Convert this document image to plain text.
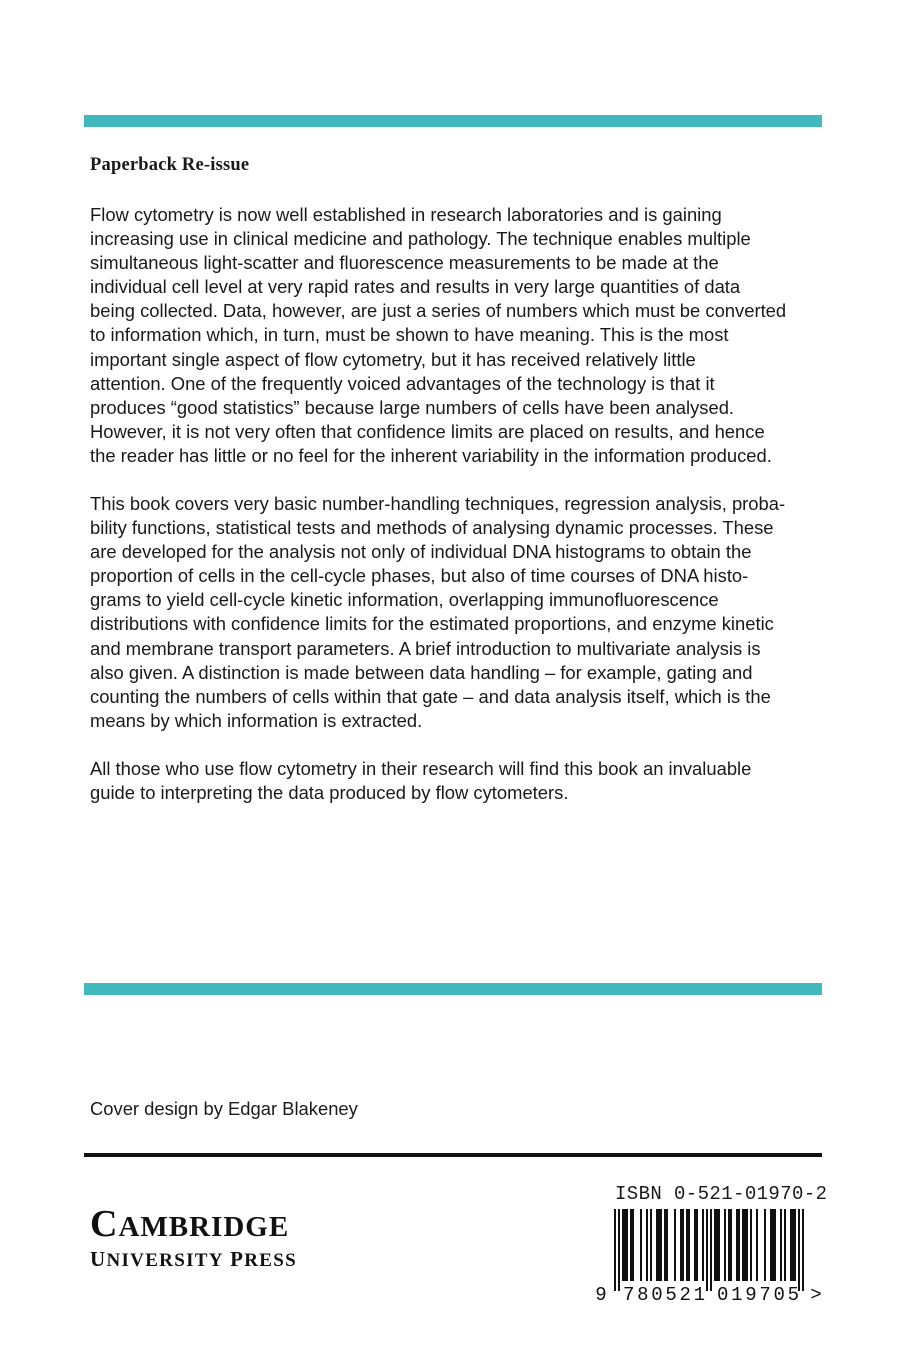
Paperback Re-issue

Flow cytometry is now well established in research laboratories and is gaining
increasing use in clinical medicine and pathology. The technique enables multiple
simultaneous light-scatter and fluorescence measurements to be made at the
individual cell level at very rapid rates and results in very large quantities of data
being collected. Data, however, are just a series of numbers which must be converted
to information which, in turn, must be shown to have meaning. This is the most
important single aspect of flow cytometry, but it has received relatively little
attention. One of the frequently voiced advantages of the technology is that it
produces “good statistics” because large numbers of cells have been analysed.
However, it is not very often that confidence limits are placed on results, and hence
the reader has little or no feel for the inherent variability in the information produced.

This book covers very basic number-handling techniques, regression analysis, proba-
bility functions, statistical tests and methods of analysing dynamic processes. These
are developed for the analysis not only of individual DNA histograms to obtain the
proportion of cells in the cell-cycle phases, but also of time courses of DNA histo-
grams to yield cell-cycle kinetic information, overlapping immunofluorescence
distributions with confidence limits for the estimated proportions, and enzyme kinetic
and membrane transport parameters. A brief introduction to multivariate analysis is
also given. A distinction is made between data handling – for example, gating and
counting the numbers of cells within that gate – and data analysis itself, which is the
means by which information is extracted.

All those who use flow cytometry in their research will find this book an invaluable
guide to interpreting the data produced by flow cytometers.

Cover design by Edgar Blakeney
CAMBRIDGE
UNIVERSITY PRESS
ISBN 0-521-01970-2
9 780521 019705 >
